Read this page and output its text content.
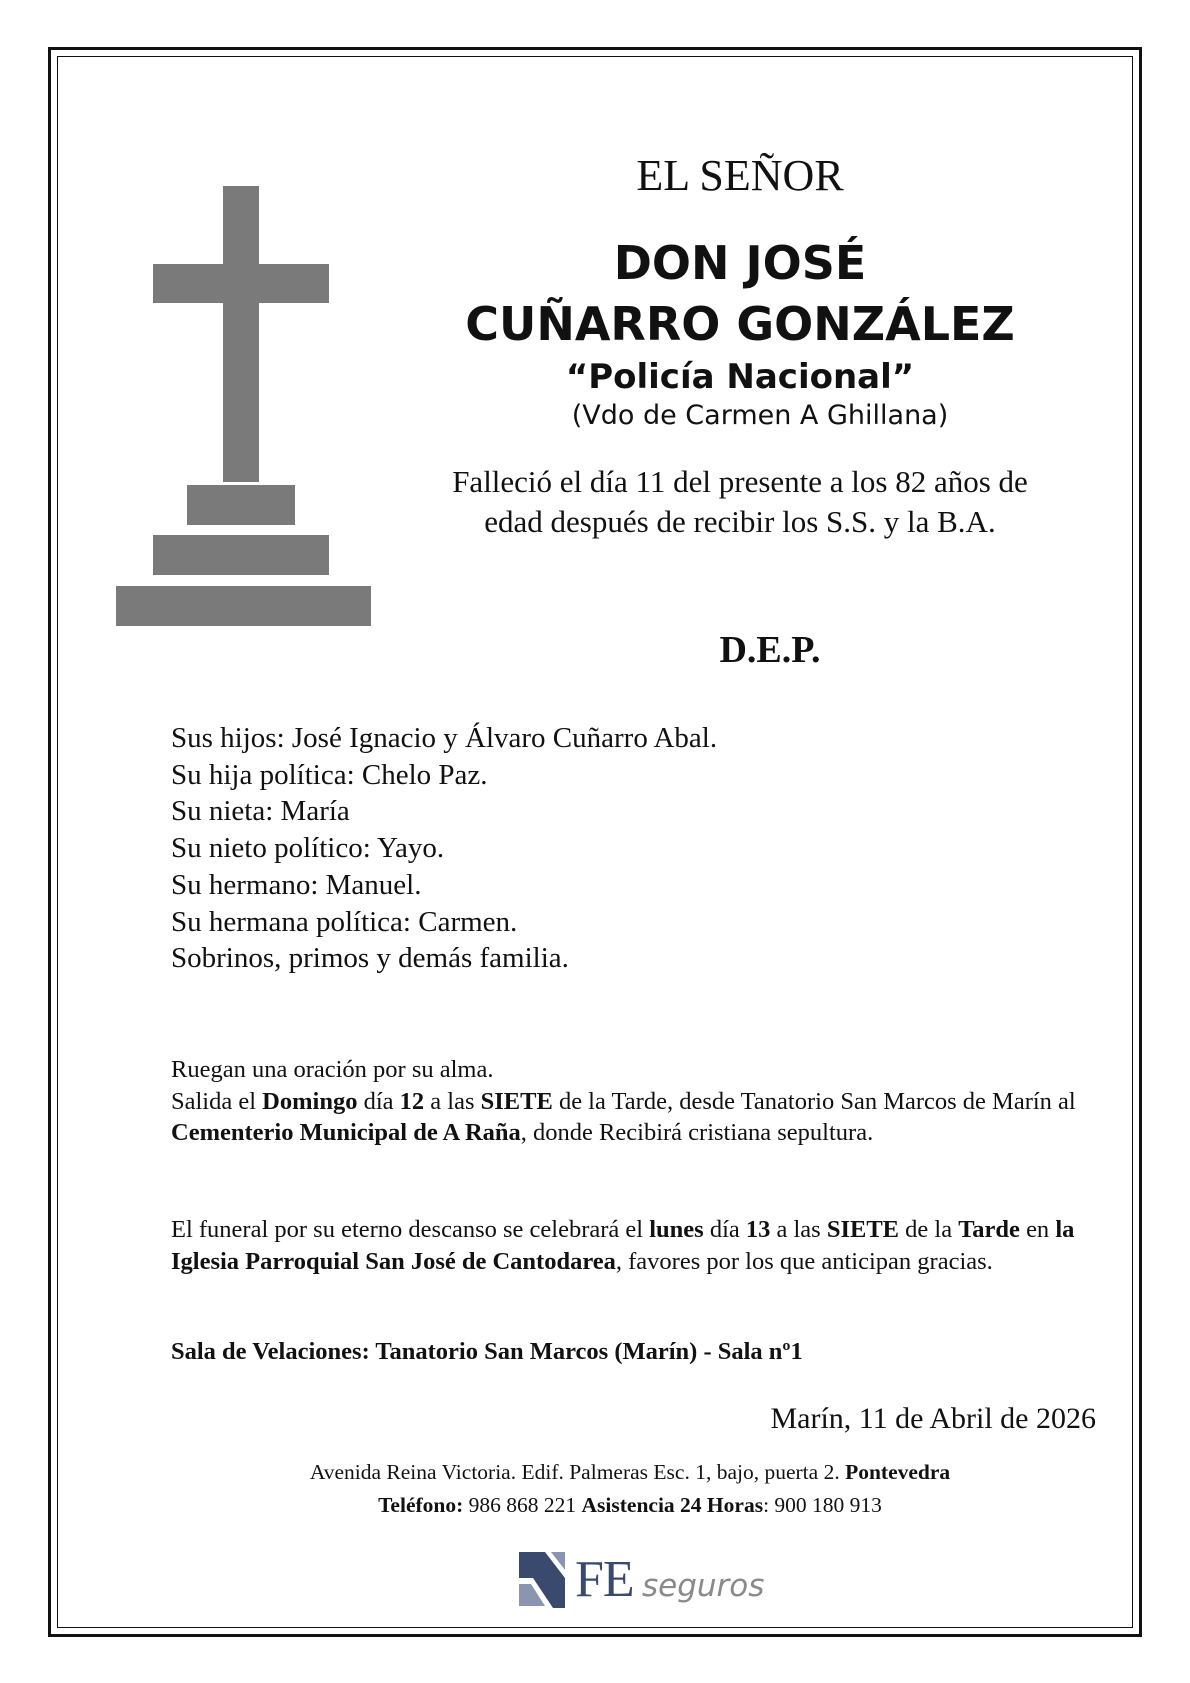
EL SEÑOR
DON JOSÉ
CUÑARRO GONZÁLEZ
“Policía Nacional”
(Vdo de Carmen A Ghillana)
Falleció el día 11 del presente a los 82 años de
edad después de recibir los S.S. y la B.A.
D.E.P.
Sus hijos: José Ignacio y Álvaro Cuñarro Abal.
Su hija política: Chelo Paz.
Su nieta: María
Su nieto político: Yayo.
Su hermano: Manuel.
Su hermana política: Carmen.
Sobrinos, primos y demás familia.
Ruegan una oración por su alma.
Salida el Domingo día 12 a las SIETE de la Tarde, desde Tanatorio San Marcos de Marín al Cementerio Municipal de A Raña, donde Recibirá cristiana sepultura.
El funeral por su eterno descanso se celebrará el lunes día 13 a las SIETE de la Tarde en la Iglesia Parroquial San José de Cantodarea, favores por los que anticipan gracias.
Sala de Velaciones: Tanatorio San Marcos (Marín) - Sala nº1
Marín, 11 de Abril de 2026
Avenida Reina Victoria. Edif. Palmeras Esc. 1, bajo, puerta 2. Pontevedra
Teléfono: 986 868 221 Asistencia 24 Horas: 900 180 913
FE seguros
